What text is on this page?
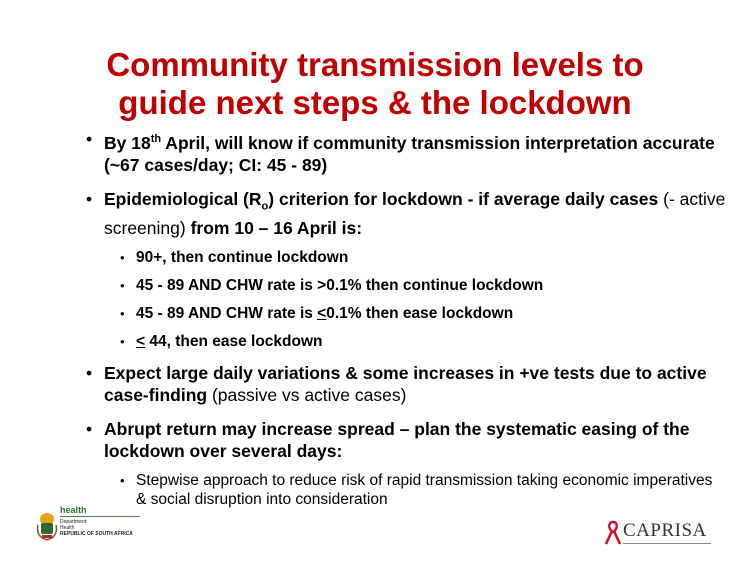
Community transmission levels to
guide next steps & the lockdown
• By 18th April, will know if community transmission interpretation accurate (~67 cases/day; CI: 45 - 89)
• Epidemiological $(R_o)$ criterion for lockdown - if average daily cases (- active screening) from 10 – 16 April is:
• 90+, then continue lockdown
• 45 - 89 AND CHW rate is >0.1% then continue lockdown
• 45 - 89 AND CHW rate is <0.1% then ease lockdown
• < 44, then ease lockdown
• Expect large daily variations & some increases in +ve tests due to active case-finding (passive vs active cases)
• Abrupt return may increase spread – plan the systematic easing of the lockdown over several days:
• Stepwise approach to reduce risk of rapid transmission taking economic imperatives & social disruption into consideration
health
Department:
Health
REPUBLIC OF SOUTH AFRICA	CAPRISA
